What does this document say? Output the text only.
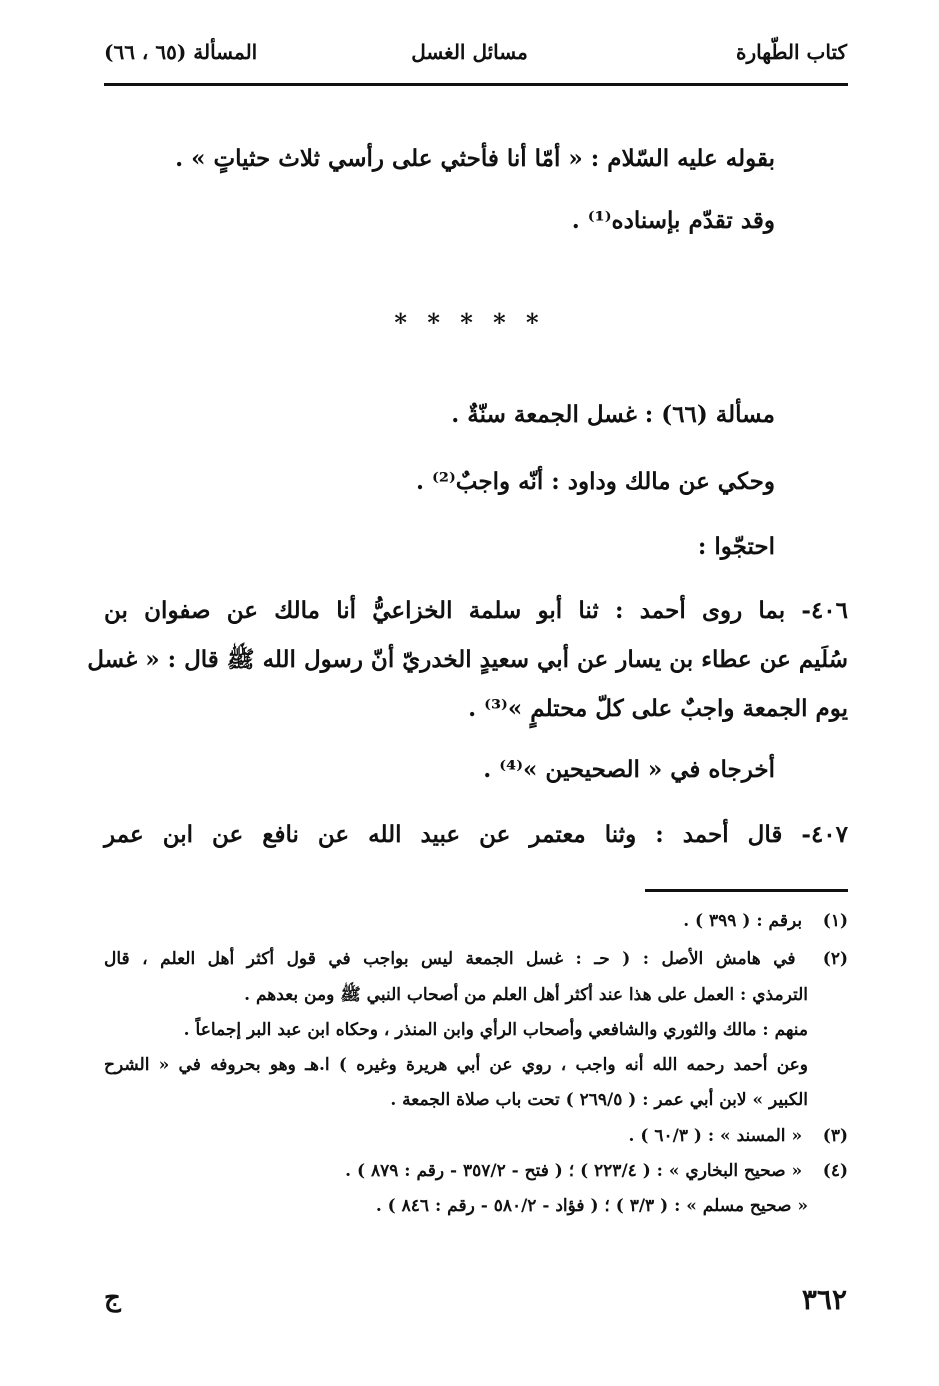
كتاب الطّهارة
مسائل الغسل
المسألة (٦٥ ، ٦٦)
بقوله عليه السّلام : « أمّا أنا فأحثي على رأسي ثلاث حثياتٍ » .
وقد تقدّم بإسناده⁽¹⁾ .
* * * * *
مسألة (٦٦) : غسل الجمعة سنّةٌ .
وحكي عن مالك وداود : أنّه واجبٌ⁽²⁾ .
احتجّوا :
٤٠٦- بما روى أحمد : ثنا أبو سلمة الخزاعيُّ أنا مالك عن صفوان بن
سُلَيم عن عطاء بن يسار عن أبي سعيدٍ الخدريّ أنّ رسول الله ﷺ قال : « غسل
يوم الجمعة واجبٌ على كلّ محتلمٍ »⁽³⁾ .
أخرجاه في « الصحيحين »⁽⁴⁾ .
٤٠٧- قال أحمد : وثنا معتمر عن عبيد الله عن نافع عن ابن عمر
(١) برقم : ( ٣٩٩ ) .
(٢) في هامش الأصل : ( حـ : غسل الجمعة ليس بواجب في قول أكثر أهل العلم ، قال
الترمذي : العمل على هذا عند أكثر أهل العلم من أصحاب النبي ﷺ ومن بعدهم .
منهم : مالك والثوري والشافعي وأصحاب الرأي وابن المنذر ، وحكاه ابن عبد البر إجماعاً .
وعن أحمد رحمه الله أنه واجب ، روي عن أبي هريرة وغيره ) ا.هـ وهو بحروفه في « الشرح
الكبير » لابن أبي عمر : ( ٢٦٩/٥ ) تحت باب صلاة الجمعة .
(٣) « المسند » : ( ٦٠/٣ ) .
(٤) « صحيح البخاري » : ( ٢٢٣/٤ ) ؛ ( فتح - ٣٥٧/٢ - رقم : ٨٧٩ ) .
« صحيح مسلم » : ( ٣/٣ ) ؛ ( فؤاد - ٥٨٠/٢ - رقم : ٨٤٦ ) .
٣٦٢
ج
